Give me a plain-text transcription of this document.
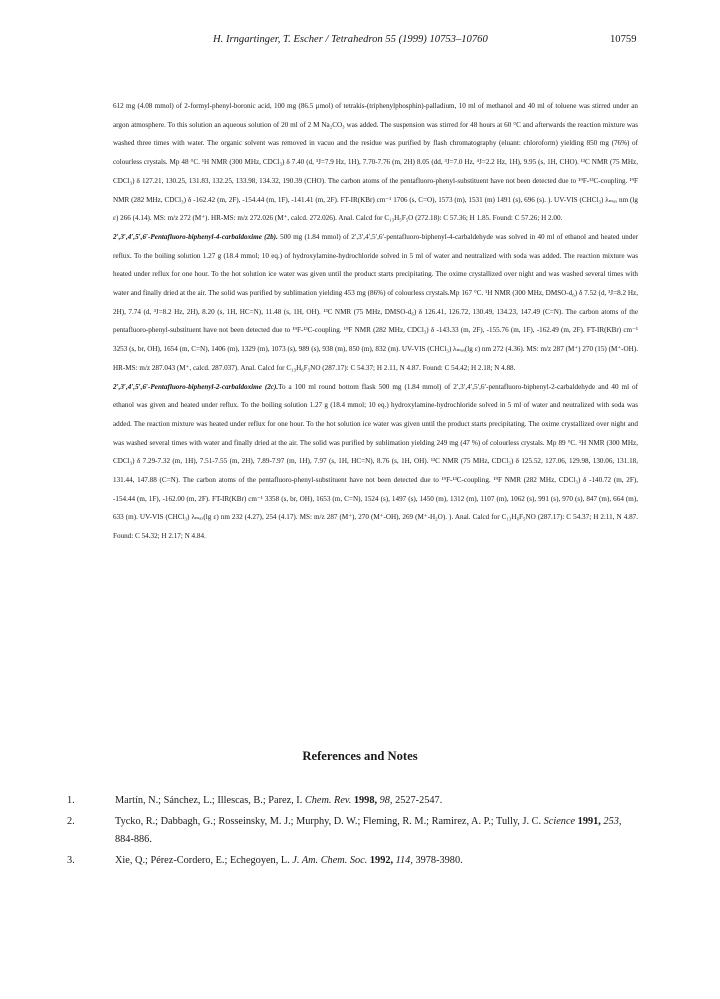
H. Irngartinger, T. Escher / Tetrahedron 55 (1999) 10753–10760	10759

612 mg (4.08 mmol) of 2-formyl-phenyl-boronic acid, 100 mg (86.5 μmol) of tetrakis-(triphenylphosphin)-palladium, 10 ml of methanol and 40 ml of toluene was stirred under an argon atmosphere. To this solution an aqueous solution of 20 ml of 2 M Na₂CO₃ was added. The suspension was stirred for 48 hours at 60 °C and afterwards the reaction mixture was washed three times with water. The organic solvent was removed in vacuo and the residue was purified by flash chromatography (eluant: chloroform) yielding 850 mg (76%) of colourless crystals. Mp 48 °C. ¹H NMR (300 MHz, CDCl₃) δ 7.40 (d, ³J=7.9 Hz, 1H), 7.70-7.76 (m, 2H) 8.05 (dd, ³J=7.0 Hz, ⁴J=2.2 Hz, 1H), 9.95 (s, 1H, CHO). ¹³C NMR (75 MHz, CDCl₃) δ 127.21, 130.25, 131.83, 132.25, 133.98, 134.32, 190.39 (CHO). The carbon atoms of the pentafluoro-phenyl-substituent have not been detected due to ¹⁹F-¹³C-coupling. ¹⁹F NMR (282 MHz, CDCl₃) δ -162.42 (m, 2F), -154.44 (m, 1F), -141.41 (m, 2F). FT-IR(KBr) cm⁻¹ 1706 (s, C=O), 1573 (m), 1531 (m) 1491 (s), 696 (s). ). UV-VIS (CHCl₃) λₘₐₓ nm (lg ε) 266 (4.14). MS: m/z 272 (M⁺). HR-MS: m/z 272.026 (M⁺, calcd. 272.026). Anal. Calcd for C₁₃H₅F₅O (272.18): C 57.36; H 1.85. Found: C 57.26; H 2.00.

2′,3′,4′,5′,6′-Pentafluoro-biphenyl-4-carbaldoxime (2b). 500 mg (1.84 mmol) of 2′,3′,4′,5′,6′-pentafluoro-biphenyl-4-carbaldehyde was solved in 40 ml of ethanol and heated under reflux. To the boiling solution 1.27 g (18.4 mmol; 10 eq.) of hydroxylamine-hydrochloride solved in 5 ml of water and neutralized with soda was added. The reaction mixture was heated under reflux for one hour. To the hot solution ice water was given until the product starts precipitating. The oxime crystallized over night and was washed several times with water and finally dried at the air. The solid was purified by sublimation yielding 453 mg (86%) of colourless crystals.Mp 167 °C. ¹H NMR (300 MHz, DMSO-d₆) δ 7.52 (d, ³J=8.2 Hz, 2H), 7.74 (d, ³J=8.2 Hz, 2H), 8.20 (s, 1H, HC=N), 11.48 (s, 1H, OH). ¹³C NMR (75 MHz, DMSO-d₆) δ 126.41, 126.72, 130.49, 134.23, 147.49 (C=N). The carbon atoms of the pentafluoro-phenyl-substituent have not been detected due to ¹⁹F-¹³C-coupling. ¹⁹F NMR (282 MHz, CDCl₃) δ -143.33 (m, 2F), -155.76 (m, 1F), -162.49 (m, 2F). FT-IR(KBr) cm⁻¹ 3253 (s, br, OH), 1654 (m, C=N), 1406 (m), 1329 (m), 1073 (s), 989 (s), 938 (m), 850 (m), 832 (m). UV-VIS (CHCl₃) λₘₐₓ(lg ε) nm 272 (4.36). MS: m/z 287 (M⁺) 270 (15) (M⁺-OH). HR-MS: m/z 287.043 (M⁺, calcd. 287.037). Anal. Calcd for C₁₃H₆F₅NO (287.17): C 54.37; H 2.11, N 4.87. Found: C 54.42; H 2.18; N 4.88.

2′,3′,4′,5′,6′-Pentafluoro-biphenyl-2-carbaldoxime (2c).To a 100 ml round bottom flask 500 mg (1.84 mmol) of 2′,3′,4′,5′,6′-pentafluoro-biphenyl-2-carbaldehyde and 40 ml of ethanol was given and heated under reflux. To the boiling solution 1.27 g (18.4 mmol; 10 eq.) hydroxylamine-hydrochloride solved in 5 ml of water and neutralized with soda was added. The reaction mixture was heated under reflux for one hour. To the hot solution ice water was given until the product starts precipitating. The oxime crystallized over night and was washed several times with water and finally dried at the air. The solid was purified by sublimation yielding 249 mg (47 %) of colourless crystals. Mp 89 °C. ¹H NMR (300 MHz, CDCl₃) δ 7.29-7.32 (m, 1H), 7.51-7.55 (m, 2H), 7.89-7.97 (m, 1H), 7.97 (s, 1H, HC=N), 8.76 (s, 1H, OH). ¹³C NMR (75 MHz, CDCl₃) δ 125.52, 127.06, 129.98, 130.06, 131.18, 131.44, 147.88 (C=N). The carbon atoms of the pentafluoro-phenyl-substituent have not been detected due to ¹⁹F-¹³C-coupling. ¹⁹F NMR (282 MHz, CDCl₃) δ -140.72 (m, 2F), -154.44 (m, 1F), -162.00 (m, 2F). FT-IR(KBr) cm⁻¹ 3358 (s, br, OH), 1653 (m, C=N), 1524 (s), 1497 (s), 1450 (m), 1312 (m), 1107 (m), 1062 (s), 991 (s), 970 (s), 847 (m), 664 (m), 633 (m). UV-VIS (CHCl₃) λₘₐₓ(lg ε) nm 232 (4.27), 254 (4.17). MS: m/z 287 (M⁺), 270 (M⁺-OH), 269 (M⁺-H₂O). ). Anal. Calcd for C₁₃H₆F₅NO (287.17): C 54.37; H 2.11, N 4.87. Found: C 54.32; H 2.17; N 4.84.

References and Notes
1.	Martín, N.; Sánchez, L.; Illescas, B.; Parez, I. Chem. Rev. 1998, 98, 2527-2547.
2.	Tycko, R.; Dabbagh, G.; Rosseinsky, M. J.; Murphy, D. W.; Fleming, R. M.; Ramirez, A. P.; Tully, J. C. Science 1991, 253, 884-886.
3.	Xie, Q.; Pérez-Cordero, E.; Echegoyen, L. J. Am. Chem. Soc. 1992, 114, 3978-3980.
